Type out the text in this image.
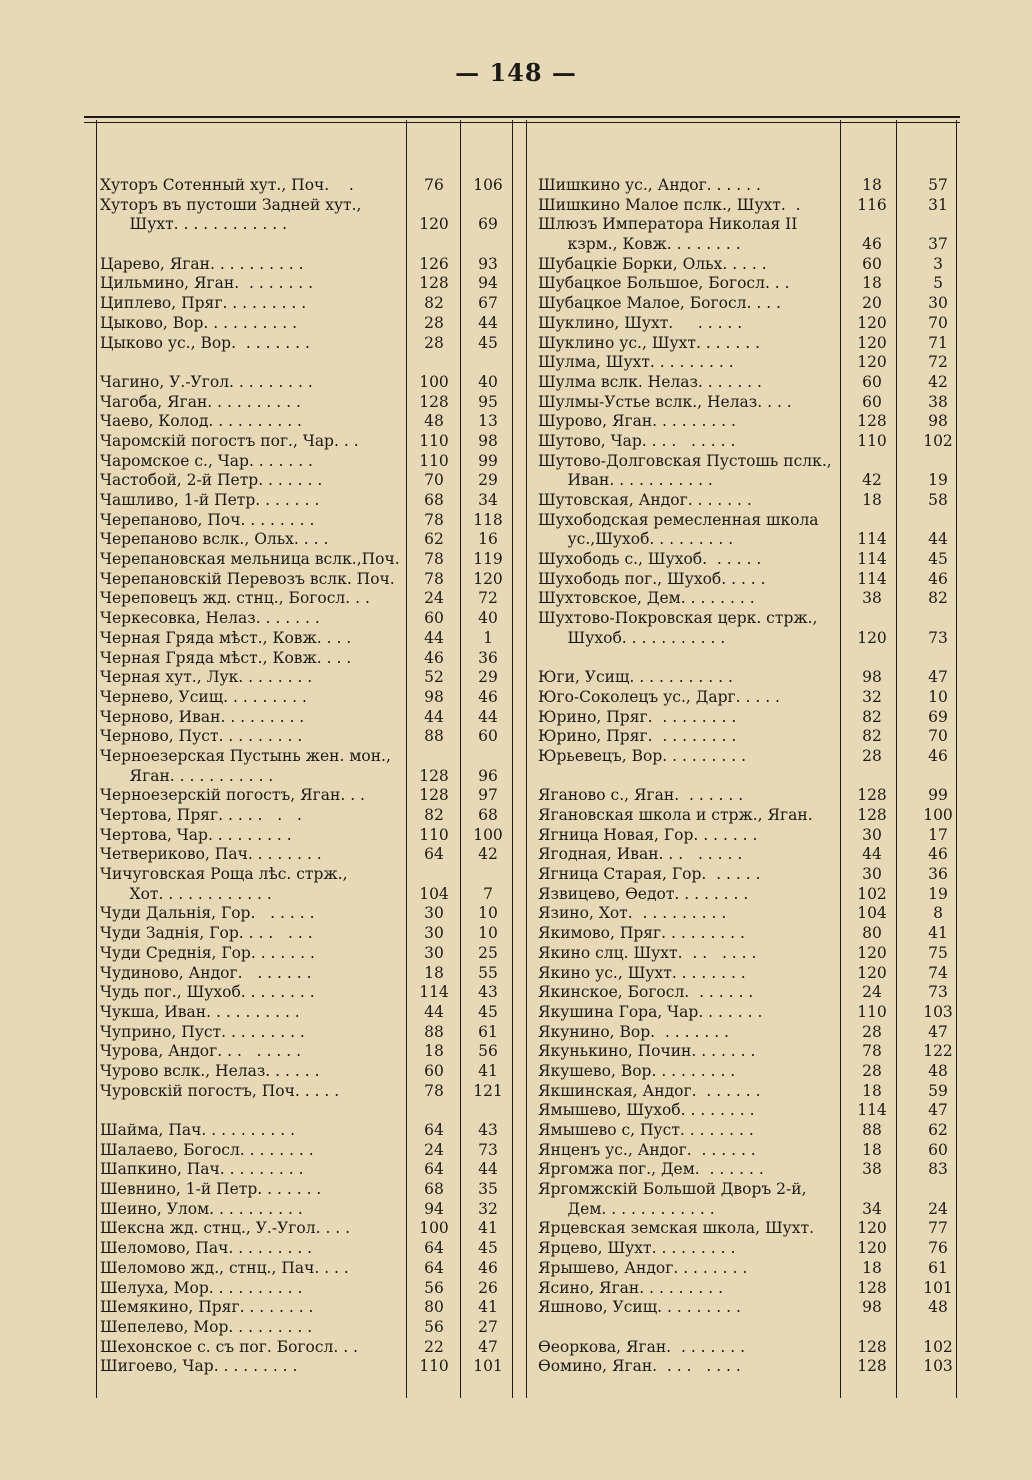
— 148 —
Хуторъ Сотенный хут., Поч.    .	76	106
Хуторъ въ пустоши Задней хут.,
Шухт. . . . . . . . . . . .	120	69
Царево, Яган. . . . . . . . . .	126	93
Цильмино, Яган.  . . . . . . .	128	94
Циплево, Пряг. . . . . . . . .	82	67
Цыково, Вор. . . . . . . . . .	28	44
Цыково ус., Вор.  . . . . . . .	28	45
Чагино, У.-Угол. . . . . . . . .	100	40
Чагоба, Яган. . . . . . . . . .	128	95
Чаево, Колод. . . . . . . . . .	48	13
Чаромскій погостъ пог., Чар. . .	110	98
Чаромское с., Чар. . . . . . .	110	99
Частобой, 2-й Петр. . . . . . .	70	29
Чашливо, 1-й Петр. . . . . . .	68	34
Черепаново, Поч. . . . . . . .	78	118
Черепаново вслк., Ольх. . . .	62	16
Черепановская мельница вслк.,Поч.	78	119
Черепановскій Перевозъ вслк. Поч.	78	120
Череповецъ жд. стнц., Богосл. . .	24	72
Черкесовка, Нелаз. . . . . . .	60	40
Черная Гряда мѣст., Ковж. . . .	44	1
Черная Гряда мѣст., Ковж. . . .	46	36
Черная хут., Лук. . . . . . . .	52	29
Чернево, Усищ. . . . . . . . .	98	46
Черново, Иван. . . . . . . . .	44	44
Черново, Пуст. . . . . . . . .	88	60
Черноезерская Пустынь жен. мон.,
Яган. . . . . . . . . . .	128	96
Черноезерскій погостъ, Яган. . .	128	97
Чертова, Пряг. . . . .   .   .	82	68
Чертова, Чар. . . . . . . . .	110	100
Четвериково, Пач. . . . . . . .	64	42
Чичуговская Роща лѣс. стрж.,
Хот. . . . . . . . . . . .	104	7
Чуди Дальнія, Гор.   . . . . .	30	10
Чуди Заднія, Гор. . . .   . . .	30	10
Чуди Среднія, Гор. . . . . . .	30	25
Чудиново, Андог.   . . . . . .	18	55
Чудь пог., Шухоб. . . . . . . .	114	43
Чукша, Иван. . . . . . . . . .	44	45
Чуприно, Пуст. . . . . . . . .	88	61
Чурова, Андог. . .   . . . . .	18	56
Чурово вслк., Нелаз. . . . . .	60	41
Чуровскій погостъ, Поч. . . . .	78	121
Шайма, Пач. . . . . . . . . .	64	43
Шалаево, Богосл. . . . . . . .	24	73
Шапкино, Пач. . . . . . . . .	64	44
Шевнино, 1-й Петр. . . . . . .	68	35
Шеино, Улом. . . . . . . . . .	94	32
Шексна жд. стнц., У.-Угол. . . .	100	41
Шеломово, Пач. . . . . . . . .	64	45
Шеломово жд., стнц., Пач. . . .	64	46
Шелуха, Мор. . . . . . . . . .	56	26
Шемякино, Пряг. . . . . . . .	80	41
Шепелево, Мор. . . . . . . . .	56	27
Шехонское с. съ пог. Богосл. . .	22	47
Шигоево, Чар. . . . . . . . .	110	101
Шишкино ус., Андог. . . . . .	18	57
Шишкино Малое пслк., Шухт.  .	116	31
Шлюзъ Императора Николая II
кзрм., Ковж. . . . . . . .	46	37
Шубацкіе Борки, Ольх. . . . .	60	3
Шубацкое Большое, Богосл. . .	18	5
Шубацкое Малое, Богосл. . . .	20	30
Шуклино, Шухт.     . . . . .	120	70
Шуклино ус., Шухт. . . . . . .	120	71
Шулма, Шухт. . . . . . . . .	120	72
Шулма вслк. Нелаз. . . . . . .	60	42
Шулмы-Устье вслк., Нелаз. . . .	60	38
Шурово, Яган. . . . . . . . .	128	98
Шутово, Чар. . . .   . . . . .	110	102
Шутово-Долговская Пустошь пслк.,
Иван. . . . . . . . . . .	42	19
Шутовская, Андог. . . . . . .	18	58
Шухободская ремесленная школа
ус.,Шухоб. . . . . . . . .	114	44
Шухободь с., Шухоб.  . . . . .	114	45
Шухободь пог., Шухоб. . . . .	114	46
Шухтовское, Дем. . . . . . . .	38	82
Шухтово-Покровская церк. стрж.,
Шухоб. . . . . . . . . . .	120	73
Юги, Усищ. . . . . . . . . . .	98	47
Юго-Соколецъ ус., Дарг. . . . .	32	10
Юрино, Пряг.  . . . . . . . .	82	69
Юрино, Пряг.  . . . . . . . .	82	70
Юрьевецъ, Вор. . . . . . . . .	28	46
Яганово с., Яган.  . . . . . .	128	99
Ягановская школа и стрж., Яган.	128	100
Ягница Новая, Гор. . . . . . .	30	17
Ягодная, Иван. . .   . . . . .	44	46
Ягница Старая, Гор.  . . . . .	30	36
Язвицево, Ѳедот. . . . . . . .	102	19
Язино, Хот.  . . . . . . . . .	104	8
Якимово, Пряг. . . . . . . . .	80	41
Якино слц. Шухт.  . .   . . . .	120	75
Якино ус., Шухт. . . . . . . .	120	74
Якинское, Богосл.  . . . . . .	24	73
Якушина Гора, Чар. . . . . . .	110	103
Якунино, Вор.  . . . . . . .	28	47
Якунькино, Почин. . . . . . .	78	122
Якушево, Вор. . . . . . . . .	28	48
Якшинская, Андог.  . . . . . .	18	59
Ямышево, Шухоб. . . . . . . .	114	47
Ямышево с, Пуст. . . . . . . .	88	62
Янценъ ус., Андог.  . . . . . .	18	60
Яргомжа пог., Дем.  . . . . . .	38	83
Яргомжскій Большой Дворъ 2-й,
Дем. . . . . . . . . . . .	34	24
Ярцевская земская школа, Шухт.	120	77
Ярцево, Шухт. . . . . . . . .	120	76
Ярышево, Андог. . . . . . . .	18	61
Ясино, Яган. . . . . . . . .	128	101
Яшново, Усищ. . . . . . . . .	98	48
Ѳеоркова, Яган.  . . . . . . .	128	102
Ѳомино, Яган.  . . .   . . . .	128	103
